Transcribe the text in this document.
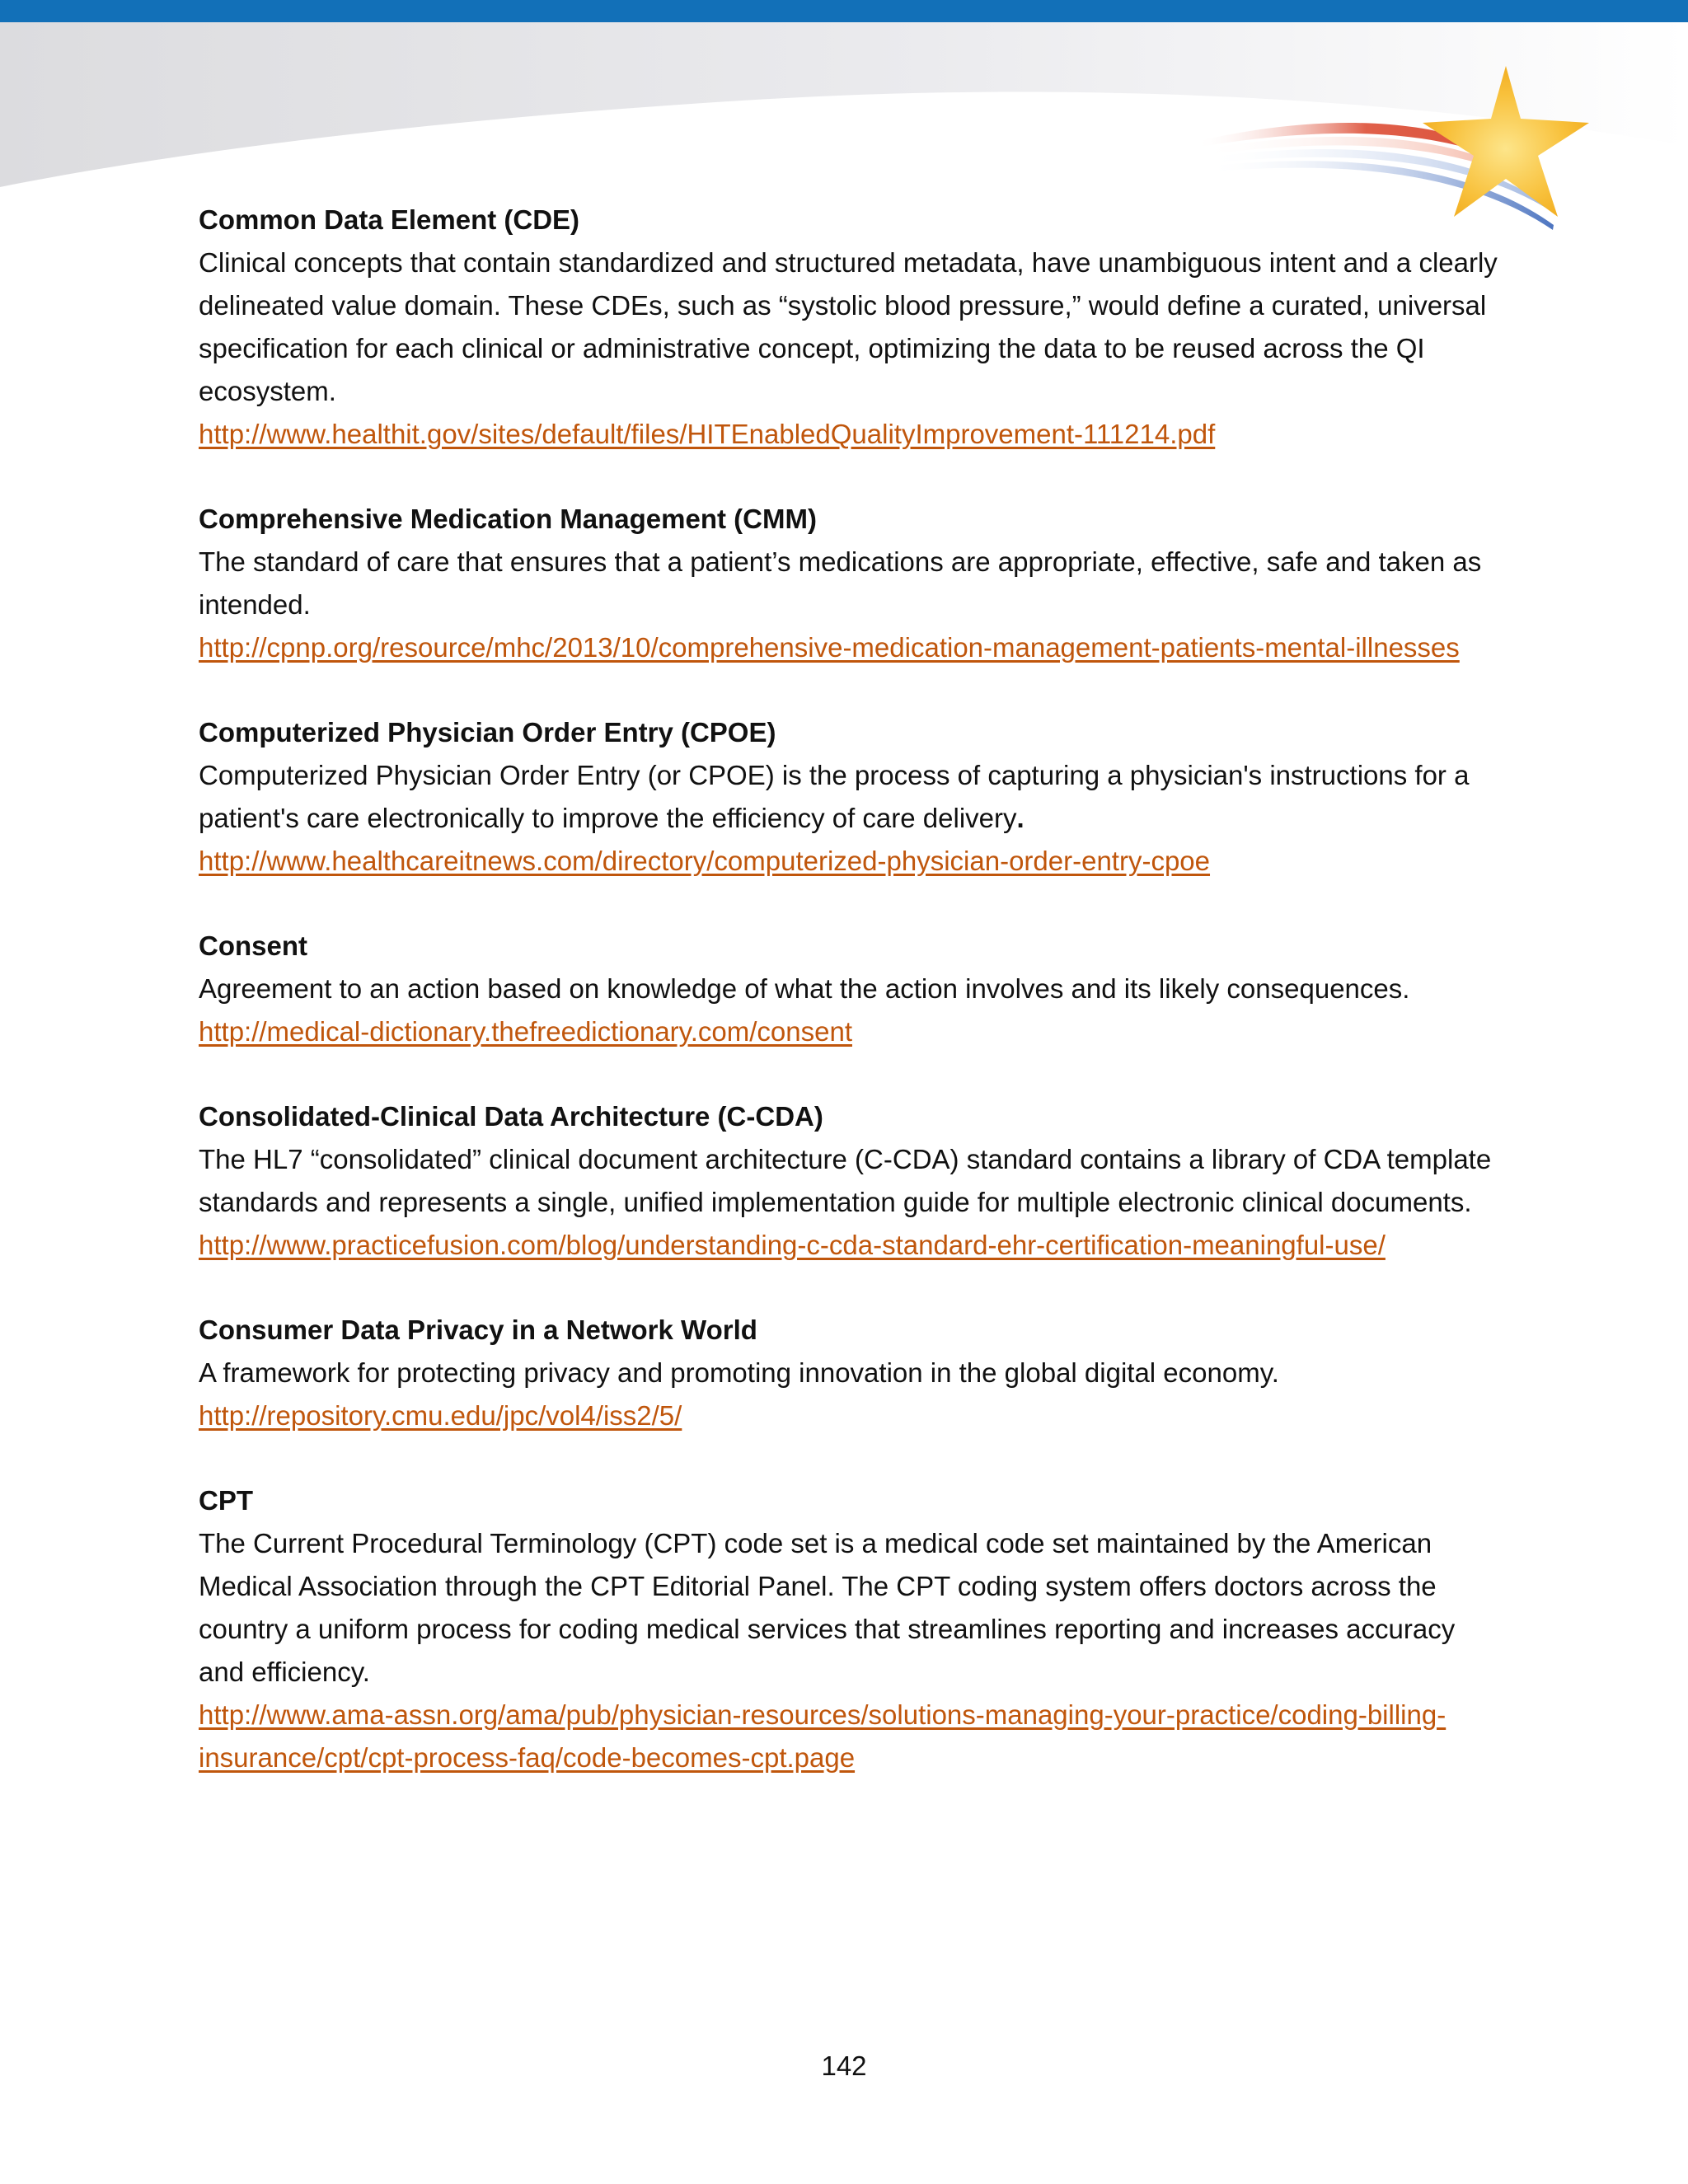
Common Data Element (CDE)

Clinical concepts that contain standardized and structured metadata, have unambiguous intent and a clearly delineated value domain. These CDEs, such as “systolic blood pressure,” would define a curated, universal specification for each clinical or administrative concept, optimizing the data to be reused across the QI ecosystem.

http://www.healthit.gov/sites/default/files/HITEnabledQualityImprovement-111214.pdf

Comprehensive Medication Management (CMM)

The standard of care that ensures that a patient’s medications are appropriate, effective, safe and taken as intended.

http://cpnp.org/resource/mhc/2013/10/comprehensive-medication-management-patients-mental-illnesses

Computerized Physician Order Entry (CPOE)

Computerized Physician Order Entry (or CPOE) is the process of capturing a physician's instructions for a patient's care electronically to improve the efficiency of care delivery.

http://www.healthcareitnews.com/directory/computerized-physician-order-entry-cpoe

Consent

Agreement to an action based on knowledge of what the action involves and its likely consequences.

http://medical-dictionary.thefreedictionary.com/consent

Consolidated-Clinical Data Architecture (C-CDA)

The HL7 “consolidated” clinical document architecture (C-CDA) standard contains a library of CDA template standards and represents a single, unified implementation guide for multiple electronic clinical documents.

http://www.practicefusion.com/blog/understanding-c-cda-standard-ehr-certification-meaningful-use/

Consumer Data Privacy in a Network World

A framework for protecting privacy and promoting innovation in the global digital economy.

http://repository.cmu.edu/jpc/vol4/iss2/5/

CPT

The Current Procedural Terminology (CPT) code set is a medical code set maintained by the American Medical Association through the CPT Editorial Panel. The CPT coding system offers doctors across the country a uniform process for coding medical services that streamlines reporting and increases accuracy and efficiency.

http://www.ama-assn.org/ama/pub/physician-resources/solutions-managing-your-practice/coding-billing-insurance/cpt/cpt-process-faq/code-becomes-cpt.page
142
